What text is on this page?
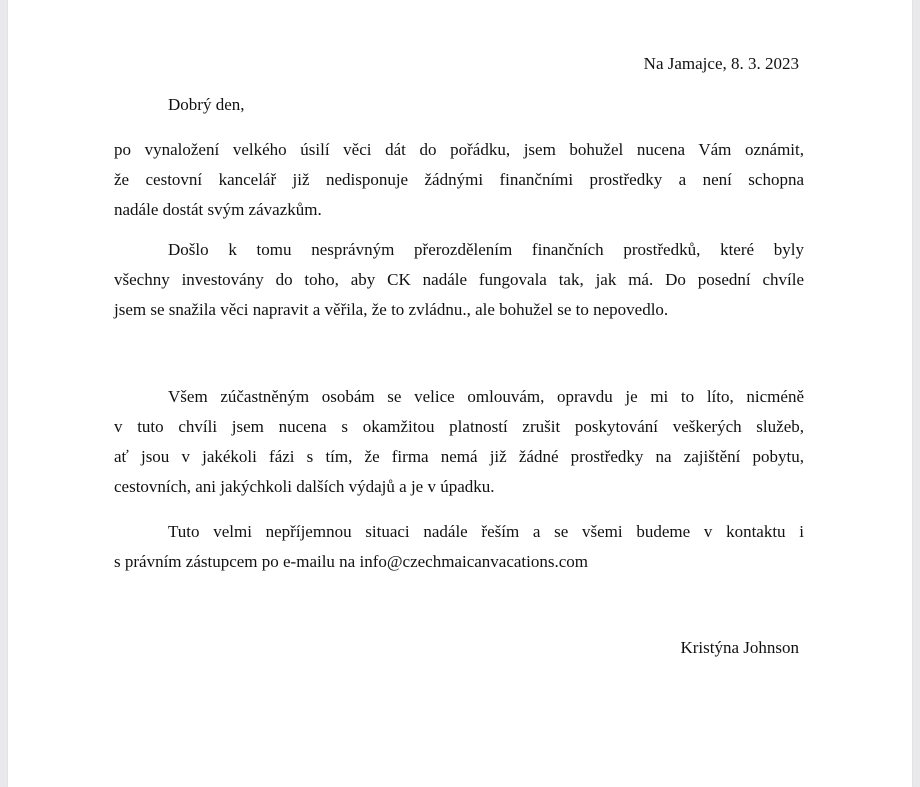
Na Jamajce, 8. 3. 2023
Dobrý den,
po vynaložení velkého úsilí věci dát do pořádku, jsem bohužel nucena Vám oznámit,
že cestovní kancelář již nedisponuje žádnými finančními prostředky a není schopna
nadále dostát svým závazkům.
Došlo k tomu nesprávným přerozdělením finančních prostředků, které byly
všechny investovány do toho, aby CK nadále fungovala tak, jak má. Do posední chvíle
jsem se snažila věci napravit a věřila, že to zvládnu., ale bohužel se to nepovedlo.
Všem zúčastněným osobám se velice omlouvám, opravdu je mi to líto, nicméně
v tuto chvíli jsem nucena s okamžitou platností zrušit poskytování veškerých služeb,
ať jsou v jakékoli fázi s tím, že firma nemá již žádné prostředky na zajištění pobytu,
cestovních, ani jakýchkoli dalších výdajů a je v úpadku.
Tuto velmi nepříjemnou situaci nadále řeším a se všemi budeme v kontaktu i
s právním zástupcem po e-mailu na info@czechmaicanvacations.com
Kristýna Johnson
